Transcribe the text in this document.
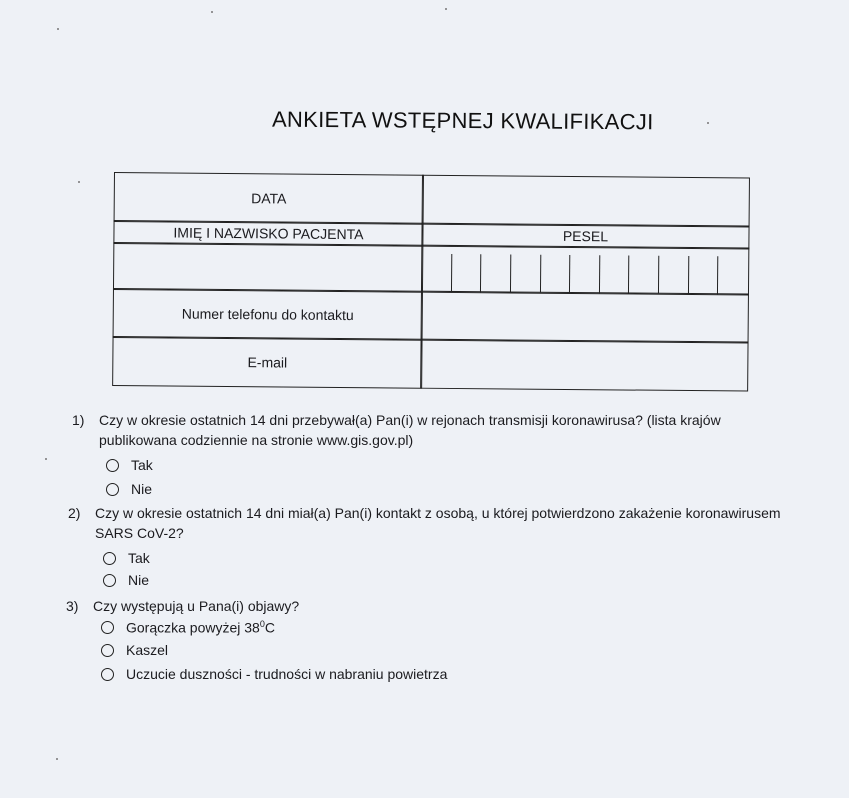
ANKIETA WSTĘPNEJ KWALIFIKACJI
DATA
IMIĘ I NAZWISKO PACJENTA	PESEL
Numer telefonu do kontaktu
E-mail
1) Czy w okresie ostatnich 14 dni przebywał(a) Pan(i) w rejonach transmisji koronawirusa? (lista krajów
publikowana codziennie na stronie www.gis.gov.pl)
Tak
Nie
2) Czy w okresie ostatnich 14 dni miał(a) Pan(i) kontakt z osobą, u której potwierdzono zakażenie koronawirusem
SARS CoV-2?
Tak
Nie
3) Czy występują u Pana(i) objawy?
Gorączka powyżej $38^0C$
Kaszel
Uczucie duszności - trudności w nabraniu powietrza
